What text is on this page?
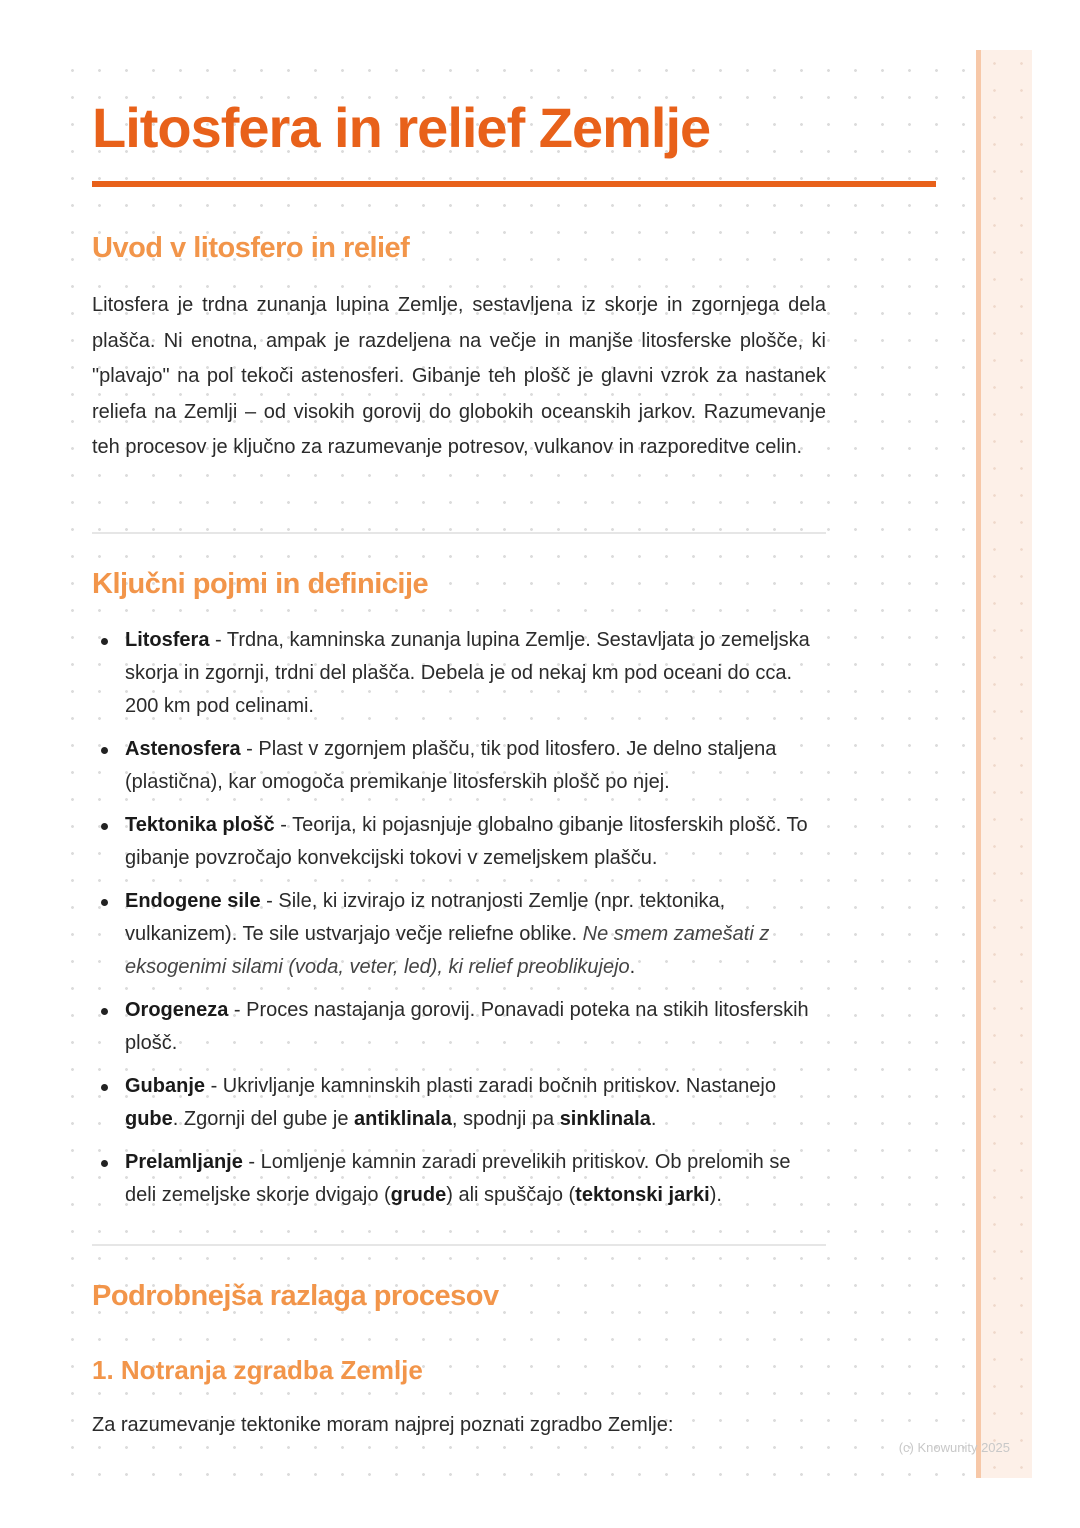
Litosfera in relief Zemlje
Uvod v litosfero in relief

Litosfera je trdna zunanja lupina Zemlje, sestavljena iz skorje in zgornjega dela plašča. Ni enotna, ampak je razdeljena na večje in manjše litosferske plošče, ki "plavajo" na pol tekoči astenosferi. Gibanje teh plošč je glavni vzrok za nastanek reliefa na Zemlji – od visokih gorovij do globokih oceanskih jarkov. Razumevanje teh procesov je ključno za razumevanje potresov, vulkanov in razporeditve celin.

Ključni pojmi in definicije
Litosfera - Trdna, kamninska zunanja lupina Zemlje. Sestavljata jo zemeljska skorja in zgornji, trdni del plašča. Debela je od nekaj km pod oceani do cca. 200 km pod celinami.
Astenosfera - Plast v zgornjem plašču, tik pod litosfero. Je delno staljena (plastična), kar omogoča premikanje litosferskih plošč po njej.
Tektonika plošč - Teorija, ki pojasnjuje globalno gibanje litosferskih plošč. To gibanje povzročajo konvekcijski tokovi v zemeljskem plašču.
Endogene sile - Sile, ki izvirajo iz notranjosti Zemlje (npr. tektonika, vulkanizem). Te sile ustvarjajo večje reliefne oblike. Ne smem zamešati z eksogenimi silami (voda, veter, led), ki relief preoblikujejo.
Orogeneza - Proces nastajanja gorovij. Ponavadi poteka na stikih litosferskih plošč.
Gubanje - Ukrivljanje kamninskih plasti zaradi bočnih pritiskov. Nastanejo gube. Zgornji del gube je antiklinala, spodnji pa sinklinala.
Prelamljanje - Lomljenje kamnin zaradi prevelikih pritiskov. Ob prelomih se deli zemeljske skorje dvigajo (grude) ali spuščajo (tektonski jarki).
Podrobnejša razlaga procesov
1. Notranja zgradba Zemlje

Za razumevanje tektonike moram najprej poznati zgradbo Zemlje:

(c) Knowunity 2025
